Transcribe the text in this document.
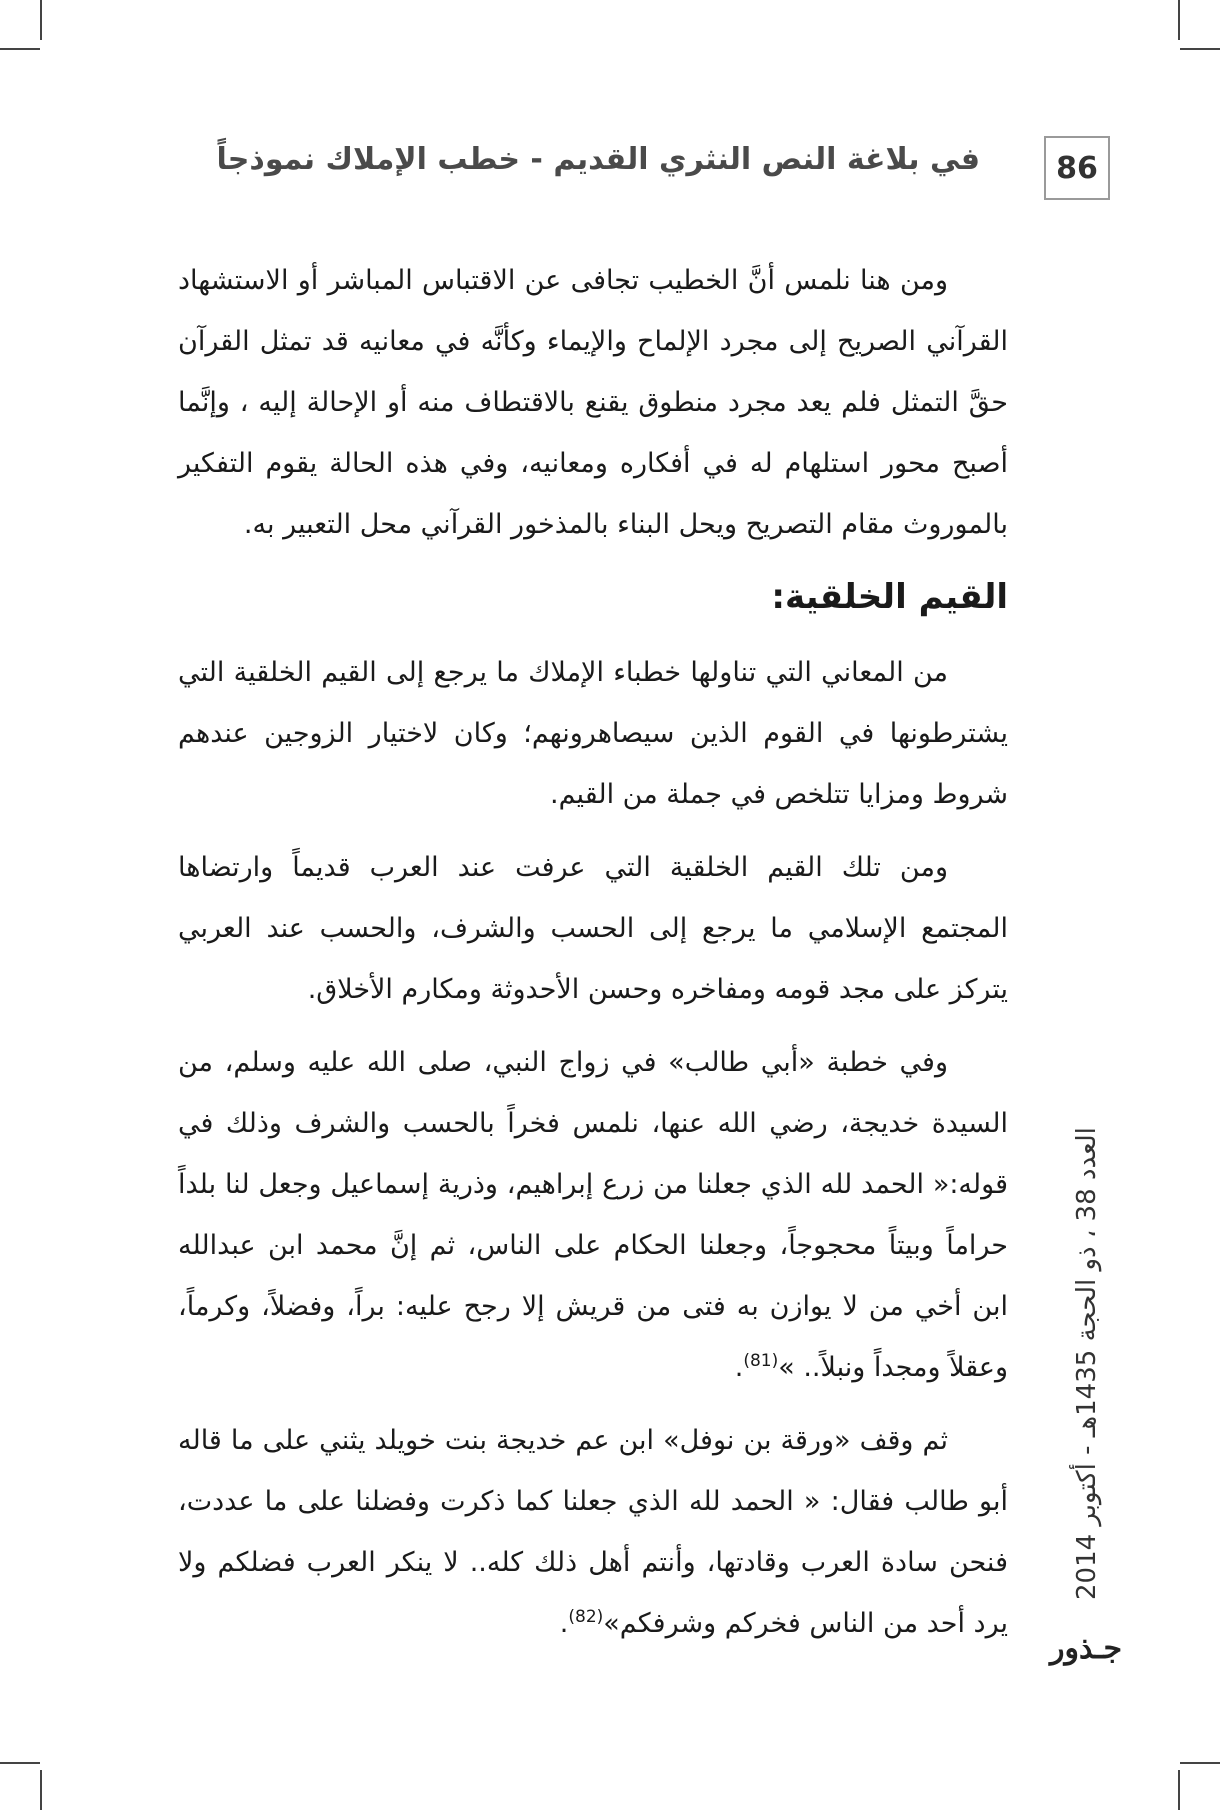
في بلاغة النص النثري القديم - خطب الإملاك نموذجاً	86

ومن هنا نلمس أنَّ الخطيب تجافى عن الاقتباس المباشر أو الاستشهاد القرآني الصريح إلى مجرد الإلماح والإيماء وكأنَّه في معانيه قد تمثل القرآن حقَّ التمثل فلم يعد مجرد منطوق يقنع بالاقتطاف منه أو الإحالة إليه ، وإنَّما أصبح محور استلهام له في أفكاره ومعانيه، وفي هذه الحالة يقوم التفكير بالموروث مقام التصريح ويحل البناء بالمذخور القرآني محل التعبير به.

القيم الخلقية:

من المعاني التي تناولها خطباء الإملاك ما يرجع إلى القيم الخلقية التي يشترطونها في القوم الذين سيصاهرونهم؛ وكان لاختيار الزوجين عندهم شروط ومزايا تتلخص في جملة من القيم.

ومن تلك القيم الخلقية التي عرفت عند العرب قديماً وارتضاها المجتمع الإسلامي ما يرجع إلى الحسب والشرف، والحسب عند العربي يتركز على مجد قومه ومفاخره وحسن الأحدوثة ومكارم الأخلاق.

وفي خطبة «أبي طالب» في زواج النبي، صلى الله عليه وسلم، من السيدة خديجة، رضي الله عنها، نلمس فخراً بالحسب والشرف وذلك في قوله:« الحمد لله الذي جعلنا من زرع إبراهيم، وذرية إسماعيل وجعل لنا بلداً حراماً وبيتاً محجوجاً، وجعلنا الحكام على الناس، ثم إنَّ محمد ابن عبدالله ابن أخي من لا يوازن به فتى من قريش إلا رجح عليه: براً، وفضلاً، وكرماً، وعقلاً ومجداً ونبلاً.. »$^{(81)}$.

ثم وقف «ورقة بن نوفل» ابن عم خديجة بنت خويلد يثني على ما قاله أبو طالب فقال: « الحمد لله الذي جعلنا كما ذكرت وفضلنا على ما عددت، فنحن سادة العرب وقادتها، وأنتم أهل ذلك كله.. لا ينكر العرب فضلكم ولا يرد أحد من الناس فخركم وشرفكم»$^{(82)}$.

العدد 38 ، ذو الحجة 1435هـ - أكتوبر 2014
جـذور
